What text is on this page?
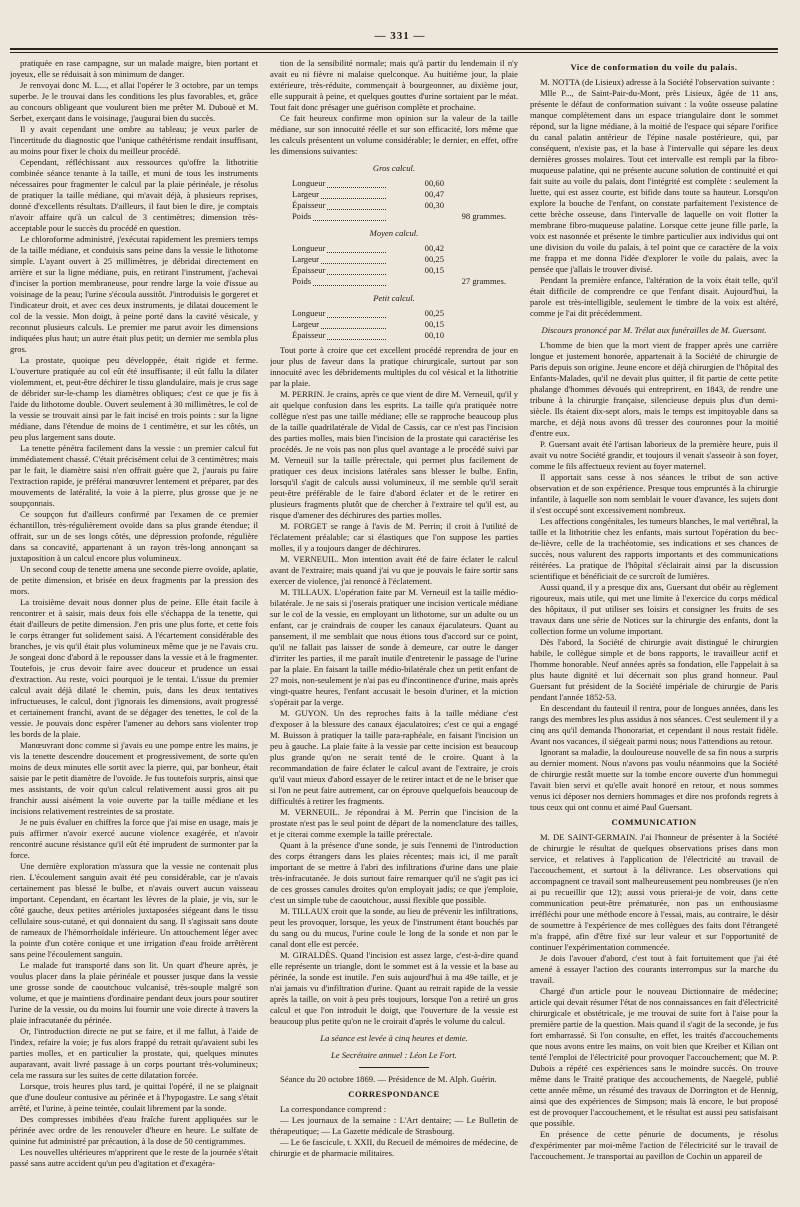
— 331 —

pratiquée en rase campagne, sur un malade maigre, bien portant et joyeux, elle se réduisait à son minimum de danger.

Je renvoyai donc M. L..., et allai l'opérer le 3 octobre, par un temps superbe. Je le trouvai dans les conditions les plus favorables, et, grâce au concours obligeant que voulurent bien me prêter M. Dubouë et M. Serbet, exerçant dans le voisinage, j'augurai bien du succès.

Il y avait cependant une ombre au tableau; je veux parler de l'incertitude du diagnostic que l'unique cathétérisme rendait insuffisant, au moins pour fixer le choix du meilleur procédé.

Cependant, réfléchissant aux ressources qu'offre la lithotritie combinée séance tenante à la taille, et muni de tous les instruments nécessaires pour fragmenter le calcul par la plaie périnéale, je résolus de pratiquer la taille médiane, qui m'avait déjà, à plusieurs reprises, donné d'excellents résultats. D'ailleurs, il faut bien le dire, je comptais n'avoir affaire qu'à un calcul de 3 centimètres; dimension très-acceptable pour le succès du procédé en question.

Le chloroforme administré, j'exécutai rapidement les premiers temps de la taille médiane, et conduisis sans peine dans la vessie le lithotome simple. L'ayant ouvert à 25 millimètres, je débridai directement en arrière et sur la ligne médiane, puis, en retirant l'instrument, j'achevai d'inciser la portion membraneuse, pour rendre large la voie d'issue au voisinage de la peau; l'urine s'écoula aussitôt. J'introduisis le gorgeret et l'indicateur droit, et avec ces deux instruments, je dilatai doucement le col de la vessie. Mon doigt, à peine porté dans la cavité vésicale, y reconnut plusieurs calculs. Le premier me parut avoir les dimensions indiquées plus haut; un autre était plus petit; un dernier me sembla plus gros.

La prostate, quoique peu développée, était rigide et ferme. L'ouverture pratiquée au col eût été insuffisante; il eût fallu la dilater violemment, et, peut-être déchirer le tissu glandulaire, mais je crus sage de débrider sur-le-champ les diamètres obliques; c'est ce que je fis à l'aide du lithotome double. Ouvert seulement à 30 millimètres, le col de la vessie se trouvait ainsi par le fait incisé en trois points : sur la ligne médiane, dans l'étendue de moins de 1 centimètre, et sur les côtés, un peu plus largement sans doute.

La tenette pénétra facilement dans la vessie : un premier calcul fut immédiatement chassé. C'était précisément celui de 3 centimètres; mais par le fait, le diamètre saisi n'en offrait guère que 2, j'aurais pu faire l'extraction rapide, je préférai manœuvrer lentement et préparer, par des mouvements de latéralité, la voie à la pierre, plus grosse que je ne soupçonnais.

Ce soupçon fut d'ailleurs confirmé par l'examen de ce premier échantillon, très-régulièrement ovoïde dans sa plus grande étendue; il offrait, sur un de ses longs côtés, une dépression profonde, régulière dans sa concavité, appartenant à un rayon très-long annonçant sa juxtaposition à un calcul encore plus volumineux.

Un second coup de tenette amena une seconde pierre ovoïde, aplatie, de petite dimension, et brisée en deux fragments par la pression des mors.

La troisième devait nous donner plus de peine. Elle était facile à rencontrer et à saisir, mais deux fois elle s'échappa de la tenette, qui était d'ailleurs de petite dimension. J'en pris une plus forte, et cette fois le corps étranger fut solidement saisi. A l'écartement considérable des branches, je vis qu'il était plus volumineux même que je ne l'avais cru. Je songeai donc d'abord à le repousser dans la vessie et à le fragmenter. Toutefois, je crus devoir faire avec douceur et prudence un essai d'extraction. Au reste, voici pourquoi je le tentai. L'issue du premier calcul avait déjà dilaté le chemin, puis, dans les deux tentatives infructueuses, le calcul, dont j'ignorais les dimensions, avait progressé et certainement franchi, avant de se dégager des tenettes, le col de la vessie. Je pouvais donc espérer l'amener au dehors sans violenter trop les bords de la plaie.

Manœuvrant donc comme si j'avais eu une pompe entre les mains, je vis la tenette descendre doucement et progressivement, de sorte qu'en moins de deux minutes elle sortit avec la pierre, qui, par bonheur, était saisie par le petit diamètre de l'ovoïde. Je fus toutefois surpris, ainsi que mes assistants, de voir qu'un calcul relativement aussi gros ait pu franchir aussi aisément la voie ouverte par la taille médiane et les incisions relativement restreintes de sa prostate.

Je ne puis évaluer en chiffres la force que j'ai mise en usage, mais je puis affirmer n'avoir exercé aucune violence exagérée, et n'avoir rencontré aucune résistance qu'il eût été imprudent de surmonter par la force.

Une dernière exploration m'assura que la vessie ne contenait plus rien. L'écoulement sanguin avait été peu considérable, car je n'avais certainement pas blessé le bulbe, et n'avais ouvert aucun vaisseau important. Cependant, en écartant les lèvres de la plaie, je vis, sur le côté gauche, deux petites artérioles juxtaposées siégeant dans le tissu cellulaire sous-cutané, et qui donnaient du sang. Il s'agissait sans doute de rameaux de l'hémorrhoïdale inférieure. Un attouchement léger avec la pointe d'un cotère conique et une irrigation d'eau froide arrêtèrent sans peine l'écoulement sanguin.

Le malade fut transporté dans son lit. Un quart d'heure après, je voulus placer dans la plaie périnéale et pousser jusque dans la vessie une grosse sonde de caoutchouc vulcanisé, très-souple malgré son volume, et que je maintiens d'ordinaire pendant deux jours pour soutirer l'urine de la vessie, ou du moins lui fournir une voie directe à travers la plaie infracutanée du périnée.

Or, l'introduction directe ne put se faire, et il me fallut, à l'aide de l'index, refaire la voie; je fus alors frappé du retrait qu'avaient subi les parties molles, et en particulier la prostate, qui, quelques minutes auparavant, avait livré passage à un corps pourtant très-volumineux; cela me rassura sur les suites de cette dilatation forcée.

Lorsque, trois heures plus tard, je quittai l'opéré, il ne se plaignait que d'une douleur contusive au périnée et à l'hypogastre. Le sang s'était arrêté, et l'urine, à peine teintée, coulait librement par la sonde.

Des compresses imbibées d'eau fraîche furent appliquées sur le périnée avec ordre de les renouveler d'heure en heure. Le sulfate de quinine fut administré par précaution, à la dose de 50 centigrammes.

Les nouvelles ultérieures m'apprirent que le reste de la journée s'était passé sans autre accident qu'un peu d'agitation et d'exagéra-

tion de la sensibilité normale; mais qu'à partir du lendemain il n'y avait eu ni fièvre ni malaise quelconque. Au huitième jour, la plaie extérieure, très-réduite, commençait à bourgeonner, au dixième jour, elle suppurait à peine, et quelques gouttes d'urine sortaient par le méat. Tout fait donc présager une guérison complète et prochaine.

Ce fait heureux confirme mon opinion sur la valeur de la taille médiane, sur son innocuité réelle et sur son efficacité, lors même que les calculs présentent un volume considérable; le dernier, en effet, offre les dimensions suivantes:

Gros calcul.

Longueur	00,60
Largeur	00,47
Épaisseur	00,30
Poids	98 grammes.

Moyen calcul.

Longueur	00,42
Largeur	00,25
Épaisseur	00,15
Poids	27 grammes.

Petit calcul.

Longueur	00,25
Largeur	00,15
Épaisseur	00,10

Tout porte à croire que cet excellent procédé reprendra de jour en jour plus de faveur dans la pratique chirurgicale, surtout par son innocuité avec les débridements multiples du col vésical et la lithotritie par la plaie.

M. PERRIN. Je crains, après ce que vient de dire M. Verneuil, qu'il y ait quelque confusion dans les esprits. La taille qu'a pratiquée notre collègue n'est pas une taille médiane; elle se rapproche beaucoup plus de la taille quadrilatérale de Vidal de Cassis, car ce n'est pas l'incision des parties molles, mais bien l'incision de la prostate qui caractérise les procédés. Je ne vois pas non plus quel avantage a le procédé suivi par M. Verneuil sur la taille prérectale, qui permet plus facilement de pratiquer ces deux incisions latérales sans blesser le bulbe. Enfin, lorsqu'il s'agit de calculs aussi volumineux, il me semble qu'il serait peut-être préférable de le faire d'abord éclater et de le retirer en plusieurs fragments plutôt que de chercher à l'extraire tel qu'il est, au risque d'amener des déchirures des parties molles.

M. FORGET se range à l'avis de M. Perrin; il croit à l'utilité de l'éclatement préalable; car si élastiques que l'on suppose les parties molles, il y a toujours danger de déchirures.

M. VERNEUIL. Mon intention avait été de faire éclater le calcul avant de l'extraire; mais quand j'ai vu que je pouvais le faire sortir sans exercer de violence, j'ai renoncé à l'éclatement.

M. TILLAUX. L'opération faite par M. Verneuil est la taille médio-bilatérale. Je ne sais si j'oserais pratiquer une incision verticale médiane sur le col de la vessie, en employant un lithotome, sur un adulte ou un enfant, car je craindrais de couper les canaux éjaculateurs. Quant au pansement, il me semblait que nous étions tous d'accord sur ce point, qu'il ne fallait pas laisser de sonde à demeure, car outre le danger d'irriter les parties, il me paraît inutile d'entretenir le passage de l'urine par la plaie. En faisant la taille médio-bilatérale chez un petit enfant de 27 mois, non-seulement je n'ai pas eu d'incontinence d'urine, mais après vingt-quatre heures, l'enfant accusait le besoin d'uriner, et la miction s'opérait par la verge.

M. GUYON. Un des reproches faits à la taille médiane c'est d'exposer à la blessure des canaux éjaculatoires; c'est ce qui a engagé M. Buisson à pratiquer la taille para-raphéale, en faisant l'incision un peu à gauche. La plaie faite à la vessie par cette incision est beaucoup plus grande qu'on ne serait tenté de le croire. Quant à la recommandation de faire éclater le calcul avant de l'extraire, je crois qu'il vaut mieux d'abord essayer de le retirer intact et de ne le briser que si l'on ne peut faire autrement, car on éprouve quelquefois beaucoup de difficultés à retirer les fragments.

M. VERNEUIL. Je répondrai à M. Perrin que l'incision de la prostate n'est pas le seul point de départ de la nomenclature des tailles, et je citerai comme exemple la taille prérectale.

Quant à la présence d'une sonde, je suis l'ennemi de l'introduction des corps étrangers dans les plaies récentes; mais ici, il me paraît important de se mettre à l'abri des infiltrations d'urine dans une plaie très-infracutanée. Je dois surtout faire remarquer qu'il ne s'agit pas ici de ces grosses canules droites qu'on employait jadis; ce que j'emploie, c'est un simple tube de caoutchouc, aussi flexible que possible.

M. TILLAUX croit que la sonde, au lieu de prévenir les infiltrations, peut les provoquer, lorsque, les yeux de l'instrument étant bouchés par du sang ou du mucus, l'urine coule le long de la sonde et non par le canal dont elle est percée.

M. GIRALDÈS. Quand l'incision est assez large, c'est-à-dire quand elle représente un triangle, dont le sommet est à la vessie et la base au périnée, la sonde est inutile. J'en suis aujourd'hui à ma 49e taille, et je n'ai jamais vu d'infiltration d'urine. Quant au retrait rapide de la vessie après la taille, on voit à peu près toujours, lorsque l'on a retiré un gros calcul et que l'on introduit le doigt, que l'ouverture de la vessie est beaucoup plus petite qu'on ne le croirait d'après le volume du calcul.

La séance est levée à cinq heures et demie.

Le Secrétaire annuel : Léon Le Fort.

Séance du 20 octobre 1869. — Présidence de M. Alph. Guérin.

CORRESPONDANCE

La correspondance comprend :

— Les journaux de la semaine : L'Art dentaire; — Le Bulletin de thérapeutique; — La Gazette médicale de Strasbourg.

— Le 6e fascicule, t. XXII, du Recueil de mémoires de médecine, de chirurgie et de pharmacie militaires.

Vice de conformation du voile du palais.

M. NOTTA (de Lisieux) adresse à la Société l'observation suivante :

Mlle P..., de Saint-Pair-du-Mont, près Lisieux, âgée de 11 ans, présente le défaut de conformation suivant : la voûte osseuse palatine manque complétement dans un espace triangulaire dont le sommet répond, sur la ligne médiane, à la moitié de l'espace qui sépare l'orifice du canal palatin antérieur de l'épine nasale postérieure, qui, par conséquent, n'existe pas, et la base à l'intervalle qui sépare les deux dernières grosses molaires. Tout cet intervalle est rempli par la fibro-muqueuse palatine, qui ne présente aucune solution de continuité et qui fait suite au voile du palais, dont l'intégrité est complète : seulement la luette, qui est assez courte, est bifide dans toute sa hauteur. Lorsqu'on explore la bouche de l'enfant, on constate parfaitement l'existence de cette brèche osseuse, dans l'intervalle de laquelle on voit flotter la membrane fibro-muqueuse palatine. Lorsque cette jeune fille parle, la voix est nasonnée et présente le timbre particulier aux individus qui ont une division du voile du palais, à tel point que ce caractère de la voix me frappa et me donna l'idée d'explorer le voile du palais, avec la pensée que j'allais le trouver divisé.

Pendant la première enfance, l'altération de la voix était telle, qu'il était difficile de comprendre ce que l'enfant disait. Aujourd'hui, la parole est très-intelligible, seulement le timbre de la voix est altéré, comme je l'ai dit précédemment.

Discours prononcé par M. Trélat aux funérailles de M. Guersant.

L'homme de bien que la mort vient de frapper après une carrière longue et justement honorée, appartenait à la Société de chirurgie de Paris depuis son origine. Jeune encore et déjà chirurgien de l'hôpital des Enfants-Malades, qu'il ne devait plus quitter, il fit partie de cette petite phalange d'hommes dévoués qui entreprirent, en 1843, de rendre une tribune à la chirurgie française, silencieuse depuis plus d'un demi-siècle. Ils étaient dix-sept alors, mais le temps est impitoyable dans sa marche, et déjà nous avons dû tresser des couronnes pour la moitié d'entre eux.

P. Guersant avait été l'artisan laborieux de la première heure, puis il avait vu notre Société grandir, et toujours il venait s'asseoir à son foyer, comme le fils affectueux revient au foyer maternel.

Il apportait sans cesse à nos séances le tribut de son active observation et de son expérience. Presque tous empruntés à la chirurgie infantile, à laquelle son nom semblait le vouer d'avance, les sujets dont il s'est occupé sont excessivement nombreux.

Les affections congénitales, les tumeurs blanches, le mal vertébral, la taille et la lithotritie chez les enfants, mais surtout l'opération du bec-de-lièvre, celle de la trachéotomie, ses indications et ses chances de succès, nous valurent des rapports importants et des communications réitérées. La pratique de l'hôpital s'éclairait ainsi par la discussion scientifique et bénéficiait de ce surcroît de lumières.

Aussi quand, il y a presque dix ans, Guersant dut obéir au règlement rigoureux, mais utile, qui met une limite à l'exercice du corps médical des hôpitaux, il put utiliser ses loisirs et consigner les fruits de ses travaux dans une série de Notices sur la chirurgie des enfants, dont la collection forme un volume important.

Dès l'abord, la Société de chirurgie avait distingué le chirurgien habile, le collègue simple et de bons rapports, le travailleur actif et l'homme honorable. Neuf années après sa fondation, elle l'appelait à sa plus haute dignité et lui décernait son plus grand honneur. Paul Guersant fut président de la Société impériale de chirurgie de Paris pendant l'année 1852-53.

En descendant du fauteuil il rentra, pour de longues années, dans les rangs des membres les plus assidus à nos séances. C'est seulement il y a cinq ans qu'il demanda l'honorariat, et cependant il nous restait fidèle. Avant nos vacances, il siégeait parmi nous; nous l'attendions au retour.

Ignorant sa maladie, la douloureuse nouvelle de sa fin nous a surpris au dernier moment. Nous n'avons pas voulu néanmoins que la Société de chirurgie restât muette sur la tombe encore ouverte d'un hommegui l'avait bien servi et qu'elle avait honoré en retour, et nous sommes venus ici déposer nos derniers hommages et dire nos profonds regrets à tous ceux qui ont connu et aimé Paul Guersant.

COMMUNICATION

M. DE SAINT-GERMAIN. J'ai l'honneur de présenter à la Société de chirurgie le résultat de quelques observations prises dans mon service, et relatives à l'application de l'électricité au travail de l'accouchement, et surtout à la délivrance. Les observations qui accompagnent ce travail sont malheureusement peu nombreuses (je n'en ai pu recueillir que 12); aussi vous prierai-je de voir, dans cette communication peut-être prématurée, non pas un enthousiasme irréfléchi pour une méthode encore à l'essai, mais, au contraire, le désir de soumettre à l'expérience de mes collègues des faits dont l'étrangeté m'a frappé, afin d'être fixé sur leur valeur et sur l'opportunité de continuer l'expérimentation commencée.

Je dois l'avouer d'abord, c'est tout à fait fortuitement que j'ai été amené à essayer l'action des courants interrompus sur la marche du travail.

Chargé d'un article pour le nouveau Dictionnaire de médecine; article qui devait résumer l'état de nos connaissances en fait d'électricité chirurgicale et obstétricale, je me trouvai de suite fort à l'aise pour la première partie de la question. Mais quand il s'agit de la seconde, je fus fort embarrassé. Si l'on consulte, en effet, les traités d'accouchements que nous avons entre les mains, on voit bien que Kreiber et Kilian ont tenté l'emploi de l'électricité pour provoquer l'accouchement; que M. P. Dubois a répété ces expériences sans le moindre succès. On trouve même dans le Traité pratique des accouchements, de Naegelé, publié cette année même, un résumé des travaux de Dorrington et de Hennig, ainsi que des expériences de Simpson; mais là encore, le but proposé est de provoquer l'accouchement, et le résultat est aussi peu satisfaisant que possible.

En présence de cette pénurie de documents, je résolus d'expérimenter par moi-même l'action de l'électricité sur le travail de l'accouchement. Je transportai au pavillon de Cochin un appareil de
